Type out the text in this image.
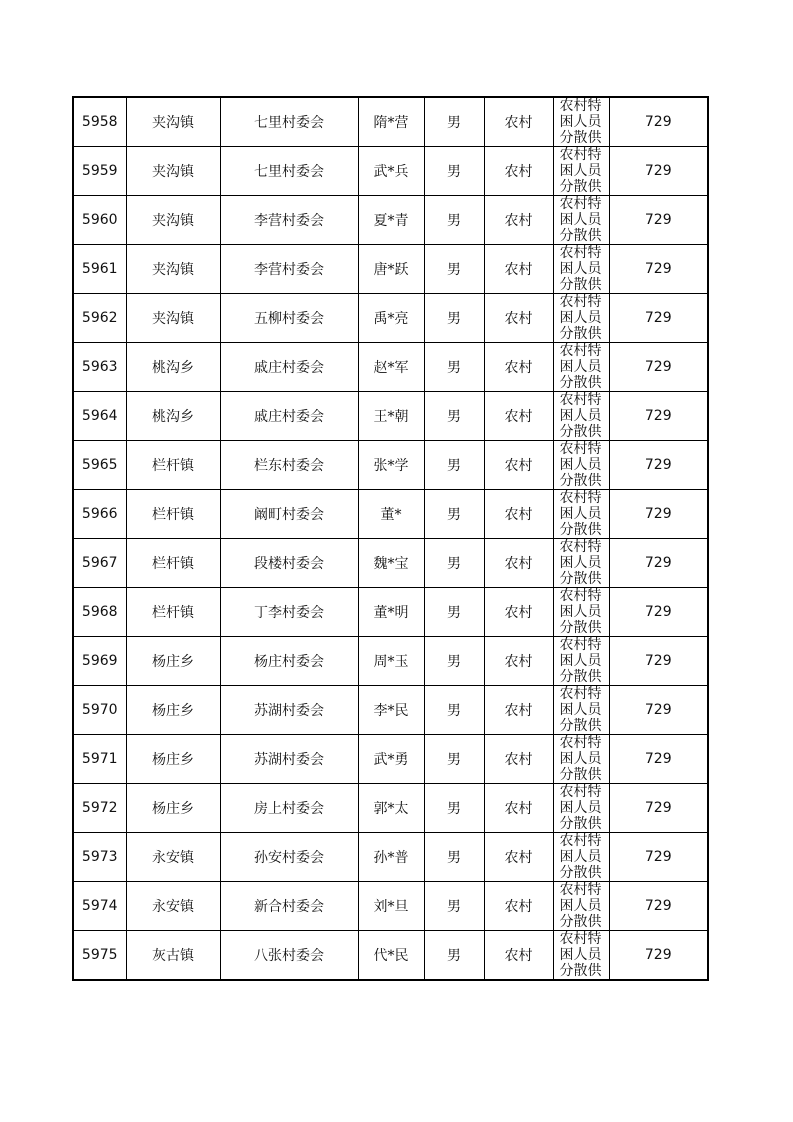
5958	夹沟镇	七里村委会	隋*营	男	农村	农村特困人员分散供	729
5959	夹沟镇	七里村委会	武*兵	男	农村	农村特困人员分散供	729
5960	夹沟镇	李营村委会	夏*青	男	农村	农村特困人员分散供	729
5961	夹沟镇	李营村委会	唐*跃	男	农村	农村特困人员分散供	729
5962	夹沟镇	五柳村委会	禹*亮	男	农村	农村特困人员分散供	729
5963	桃沟乡	戚庄村委会	赵*军	男	农村	农村特困人员分散供	729
5964	桃沟乡	戚庄村委会	王*朝	男	农村	农村特困人员分散供	729
5965	栏杆镇	栏东村委会	张*学	男	农村	农村特困人员分散供	729
5966	栏杆镇	阚町村委会	董*	男	农村	农村特困人员分散供	729
5967	栏杆镇	段楼村委会	魏*宝	男	农村	农村特困人员分散供	729
5968	栏杆镇	丁李村委会	董*明	男	农村	农村特困人员分散供	729
5969	杨庄乡	杨庄村委会	周*玉	男	农村	农村特困人员分散供	729
5970	杨庄乡	苏湖村委会	李*民	男	农村	农村特困人员分散供	729
5971	杨庄乡	苏湖村委会	武*勇	男	农村	农村特困人员分散供	729
5972	杨庄乡	房上村委会	郭*太	男	农村	农村特困人员分散供	729
5973	永安镇	孙安村委会	孙*普	男	农村	农村特困人员分散供	729
5974	永安镇	新合村委会	刘*旦	男	农村	农村特困人员分散供	729
5975	灰古镇	八张村委会	代*民	男	农村	农村特困人员分散供	729
